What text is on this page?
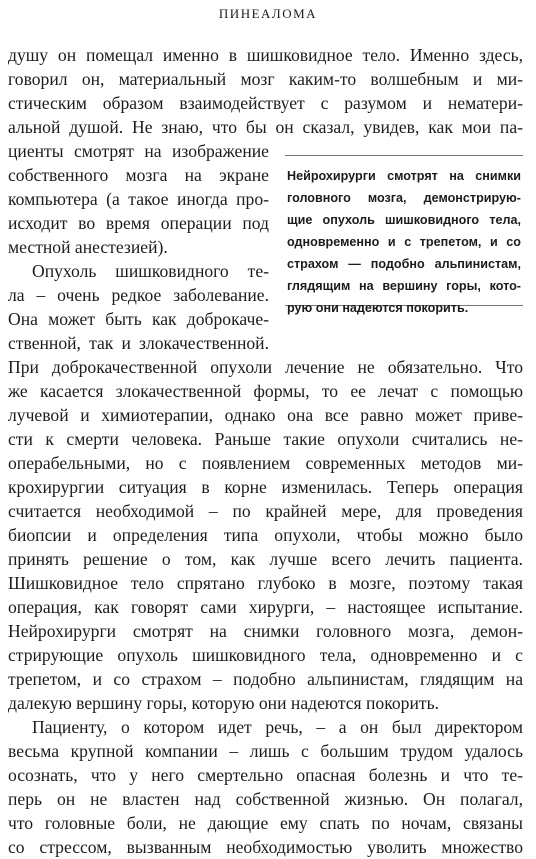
ПИНЕАЛОМА
душу он помещал именно в шишковидное тело. Именно здесь,
говорил он, материальный мозг каким-то волшебным и ми-
стическим образом взаимодействует с разумом и нематери-
альной душой. Не знаю, что бы он сказал, увидев, как мои па-
циенты смотрят на изображение
собственного мозга на экране
компьютера (а такое иногда про-
исходит во время операции под
местной анестезией).
Опухоль шишковидного те-
ла – очень редкое заболевание.
Она может быть как доброкаче-
ственной, так и злокачественной.
При доброкачественной опухоли лечение не обязательно. Что
же касается злокачественной формы, то ее лечат с помощью
лучевой и химиотерапии, однако она все равно может приве-
сти к смерти человека. Раньше такие опухоли считались не-
операбельными, но с появлением современных методов ми-
крохирургии ситуация в корне изменилась. Теперь операция
считается необходимой – по крайней мере, для проведения
биопсии и определения типа опухоли, чтобы можно было
принять решение о том, как лучше всего лечить пациента.
Шишковидное тело спрятано глубоко в мозге, поэтому такая
операция, как говорят сами хирурги, – настоящее испытание.
Нейрохирурги смотрят на снимки головного мозга, демон-
стрирующие опухоль шишковидного тела, одновременно и с
трепетом, и со страхом – подобно альпинистам, глядящим на
далекую вершину горы, которую они надеются покорить.
Пациенту, о котором идет речь, – а он был директором
весьма крупной компании – лишь с большим трудом удалось
осознать, что у него смертельно опасная болезнь и что те-
перь он не властен над собственной жизнью. Он полагал,
что головные боли, не дающие ему спать по ночам, связаны
со стрессом, вызванным необходимостью уволить множество
Нейрохирурги смотрят на снимки
головного мозга, демонстрирую-
щие опухоль шишковидного тела,
одновременно и с трепетом, и со
страхом — подобно альпинистам,
глядящим на вершину горы, кото-
рую они надеются покорить.
